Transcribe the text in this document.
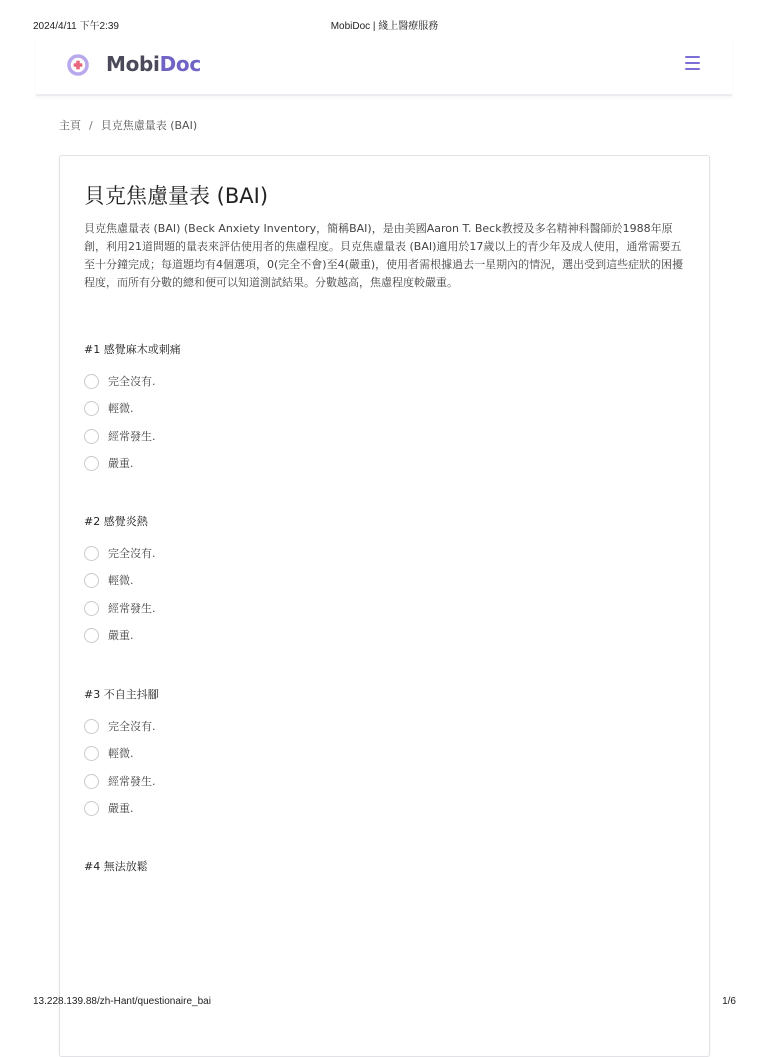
2024/4/11 下午2:39	MobiDoc | 綫上醫療服務
MobiDoc
主頁 / 貝克焦慮量表 (BAI)
貝克焦慮量表 (BAI)

貝克焦慮量表 (BAI) (Beck Anxiety Inventory，簡稱BAI)，是由美國Aaron T. Beck教授及多名精神科醫師於1988年原創，利用21道問題的量表來評估使用者的焦慮程度。貝克焦慮量表 (BAI)適用於17歲以上的青少年及成人使用，通常需要五至十分鐘完成；每道題均有4個選項，0(完全不會)至4(嚴重)，使用者需根據過去一星期內的情況，選出受到這些症狀的困擾程度，而所有分數的總和便可以知道測試結果。分數越高，焦慮程度較嚴重。

#1 感覺麻木或刺痛
完全沒有.
輕微.
經常發生.
嚴重.
#2 感覺炎熱
完全沒有.
輕微.
經常發生.
嚴重.
#3 不自主抖腳
完全沒有.
輕微.
經常發生.
嚴重.
#4 無法放鬆
13.228.139.88/zh-Hant/questionaire_bai	1/6
